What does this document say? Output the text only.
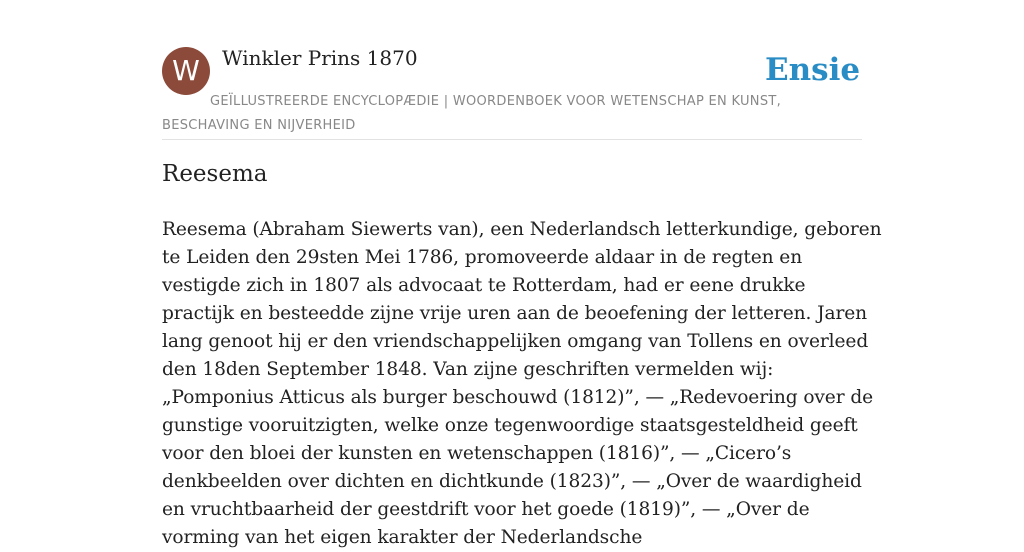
W	Winkler Prins 1870	Ensie
GEÏLLUSTREERDE ENCYCLOPÆDIE | WOORDENBOEK VOOR WETENSCHAP EN KUNST, BESCHAVING EN NIJVERHEID
Reesema

Reesema (Abraham Siewerts van), een Nederlandsch letterkundige, geboren te Leiden den 29sten Mei 1786, promoveerde aldaar in de regten en vestigde zich in 1807 als advocaat te Rotterdam, had er eene drukke practijk en besteedde zijne vrije uren aan de beoefening der letteren. Jaren lang genoot hij er den vriendschappelijken omgang van Tollens en overleed den 18den September 1848. Van zijne geschriften vermelden wij: „Pomponius Atticus als burger beschouwd (1812)”, — „Redevoering over de gunstige vooruitzigten, welke onze tegenwoordige staatsgesteldheid geeft voor den bloei der kunsten en wetenschappen (1816)”, — „Cicero’s denkbeelden over dichten en dichtkunde (1823)”, — „Over de waardigheid en vruchtbaarheid der geestdrift voor het goede (1819)”, — „Over de vorming van het eigen karakter der Nederlandsche
